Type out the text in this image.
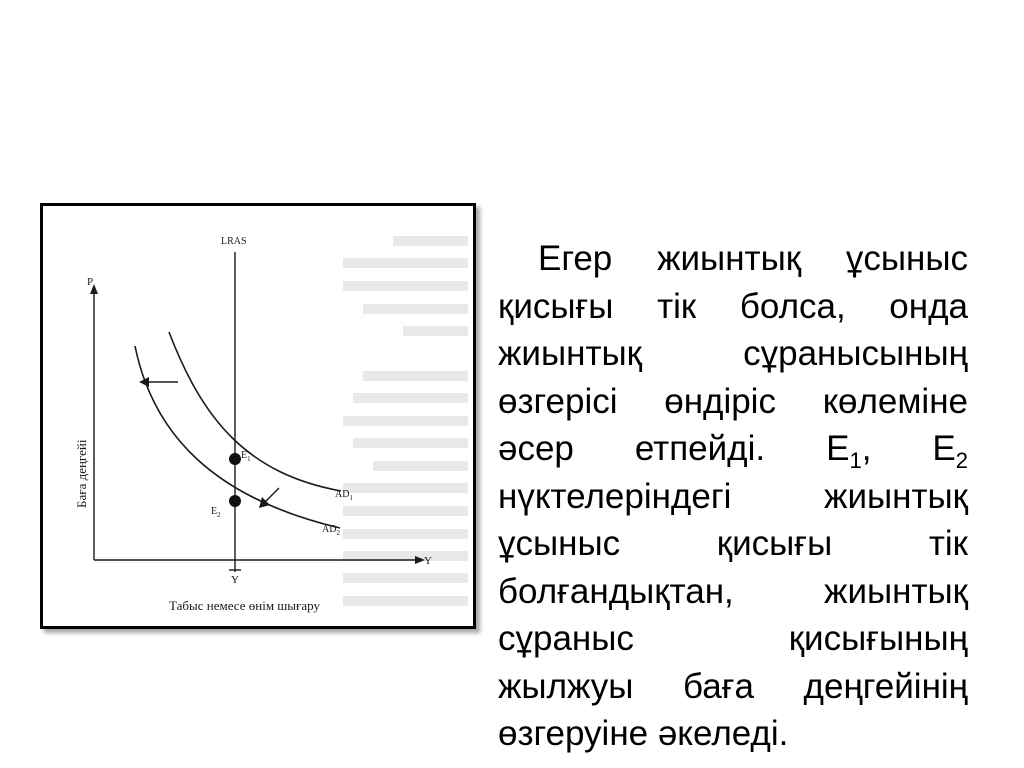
LRAS
P
Y
Y
$E_1$
$E_2$
$AD_1$
$AD_2$
Баға деңгейі
Табыс немесе өнім шығару

Егер жиынтық ұсыныс қисығы тік болса, онда жиынтық сұранысының өзгерісі өндіріс көлеміне әсер етпейді. $Е_1$, $Е_2$ нүктелеріндегі жиынтық ұсыныс қисығы тік болғандықтан, жиынтық сұраныс қисығының жылжуы баға деңгейінің өзгеруіне әкеледі.
